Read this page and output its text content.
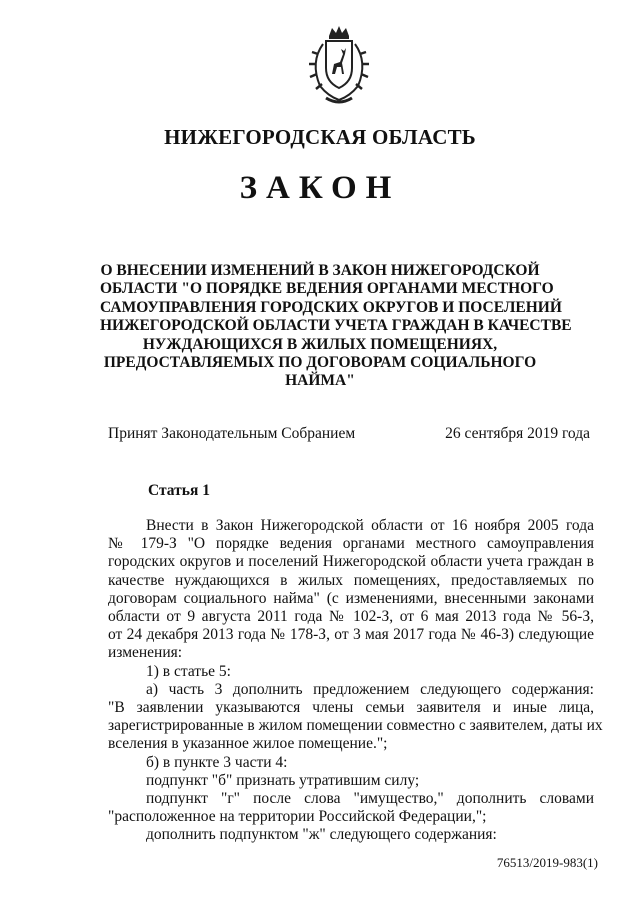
НИЖЕГОРОДСКАЯ ОБЛАСТЬ
ЗАКОН
О ВНЕСЕНИИ ИЗМЕНЕНИЙ В ЗАКОН НИЖЕГОРОДСКОЙ
ОБЛАСТИ "О ПОРЯДКЕ ВЕДЕНИЯ ОРГАНАМИ МЕСТНОГО
САМОУПРАВЛЕНИЯ ГОРОДСКИХ ОКРУГОВ И ПОСЕЛЕНИЙ
НИЖЕГОРОДСКОЙ ОБЛАСТИ УЧЕТА ГРАЖДАН В КАЧЕСТВЕ
НУЖДАЮЩИХСЯ В ЖИЛЫХ ПОМЕЩЕНИЯХ,
ПРЕДОСТАВЛЯЕМЫХ ПО ДОГОВОРАМ СОЦИАЛЬНОГО
НАЙМА"
Принят Законодательным Собранием	26 сентября 2019 года
Статья 1
Внести в Закон Нижегородской области от 16 ноября 2005 года
№ 179-З "О порядке ведения органами местного самоуправления
городских округов и поселений Нижегородской области учета граждан в
качестве нуждающихся в жилых помещениях, предоставляемых по
договорам социального найма" (с изменениями, внесенными законами
области от 9 августа 2011 года № 102-З, от 6 мая 2013 года № 56-З,
от 24 декабря 2013 года № 178-З, от 3 мая 2017 года № 46-З) следующие
изменения:
1) в статье 5:
а) часть 3 дополнить предложением следующего содержания:
"В заявлении указываются члены семьи заявителя и иные лица,
зарегистрированные в жилом помещении совместно с заявителем, даты их
вселения в указанное жилое помещение.";
б) в пункте 3 части 4:
подпункт "б" признать утратившим силу;
подпункт "г" после слова "имущество," дополнить словами
"расположенное на территории Российской Федерации,";
дополнить подпунктом "ж" следующего содержания:
76513/2019-983(1)
